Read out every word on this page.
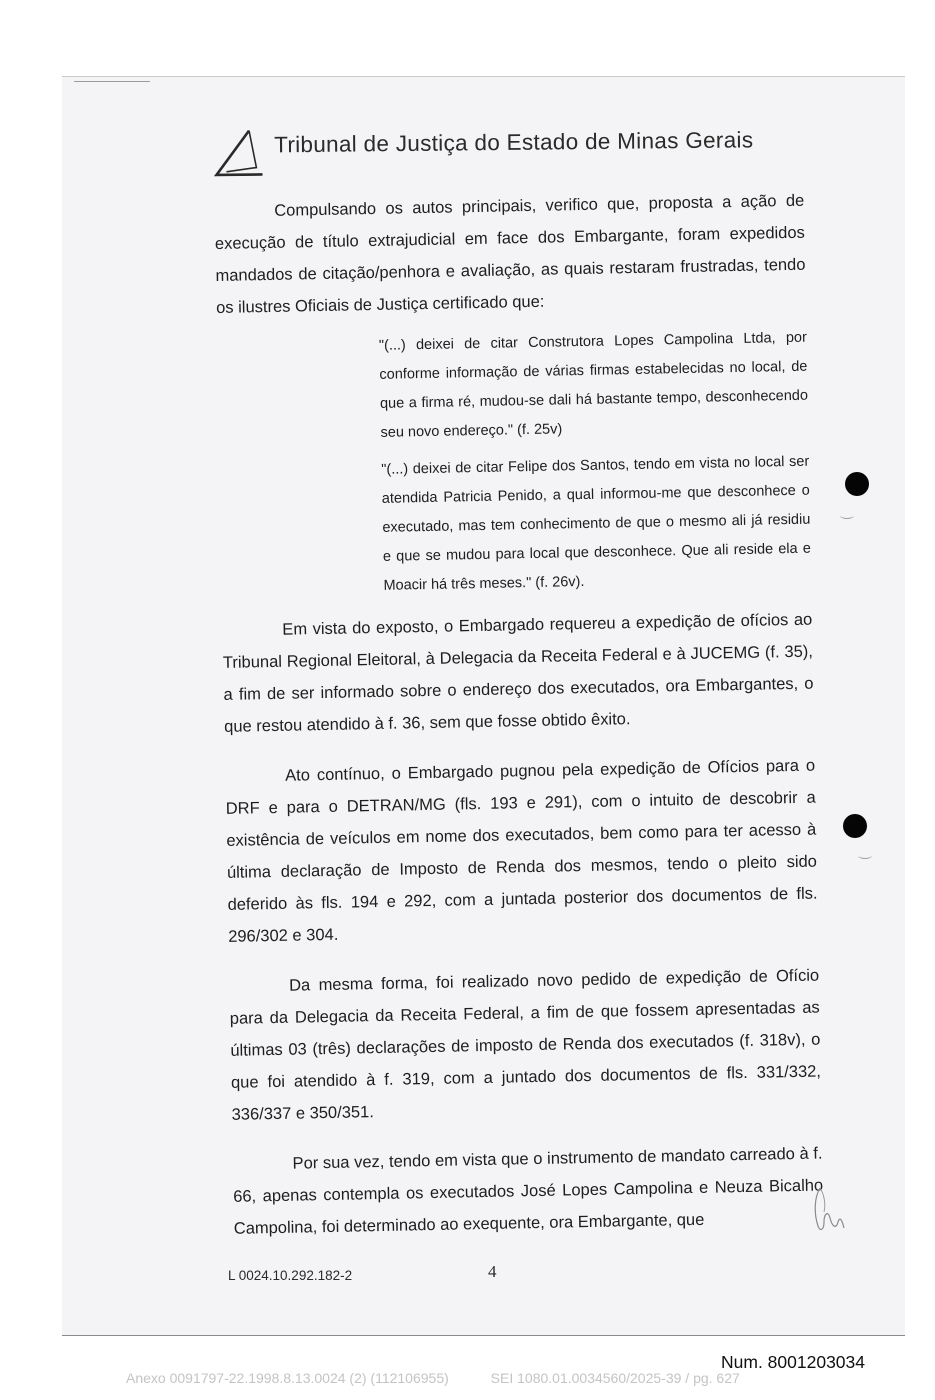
Tribunal de Justiça do Estado de Minas Gerais

Compulsando os autos principais, verifico que, proposta a ação de execução de título extrajudicial em face dos Embargante, foram expedidos mandados de citação/penhora e avaliação, as quais restaram frustradas, tendo os ilustres Oficiais de Justiça certificado que:

"(...) deixei de citar Construtora Lopes Campolina Ltda, por conforme informação de várias firmas estabelecidas no local, de que a firma ré, mudou-se dali há bastante tempo, desconhecendo seu novo endereço." (f. 25v)

"(...) deixei de citar Felipe dos Santos, tendo em vista no local ser atendida Patricia Penido, a qual informou-me que desconhece o executado, mas tem conhecimento de que o mesmo ali já residiu e que se mudou para local que desconhece. Que ali reside ela e Moacir há três meses." (f. 26v).

Em vista do exposto, o Embargado requereu a expedição de ofícios ao Tribunal Regional Eleitoral, à Delegacia da Receita Federal e à JUCEMG (f. 35), a fim de ser informado sobre o endereço dos executados, ora Embargantes, o que restou atendido à f. 36, sem que fosse obtido êxito.

Ato contínuo, o Embargado pugnou pela expedição de Ofícios para o DRF e para o DETRAN/MG (fls. 193 e 291), com o intuito de descobrir a existência de veículos em nome dos executados, bem como para ter acesso à última declaração de Imposto de Renda dos mesmos, tendo o pleito sido deferido às fls. 194 e 292, com a juntada posterior dos documentos de fls. 296/302 e 304.

Da mesma forma, foi realizado novo pedido de expedição de Ofício para da Delegacia da Receita Federal, a fim de que fossem apresentadas as últimas 03 (três) declarações de imposto de Renda dos executados (f. 318v), o que foi atendido à f. 319, com a juntado dos documentos de fls. 331/332, 336/337 e 350/351.

Por sua vez, tendo em vista que o instrumento de mandato carreado à f. 66, apenas contempla os executados José Lopes Campolina e Neuza Bicalho Campolina, foi determinado ao exequente, ora Embargante, que

L 0024.10.292.182-2	4
Num. 8001203034
Anexo 0091797-22.1998.8.13.0024 (2) (112106955)	SEI 1080.01.0034560/2025-39 / pg. 627
